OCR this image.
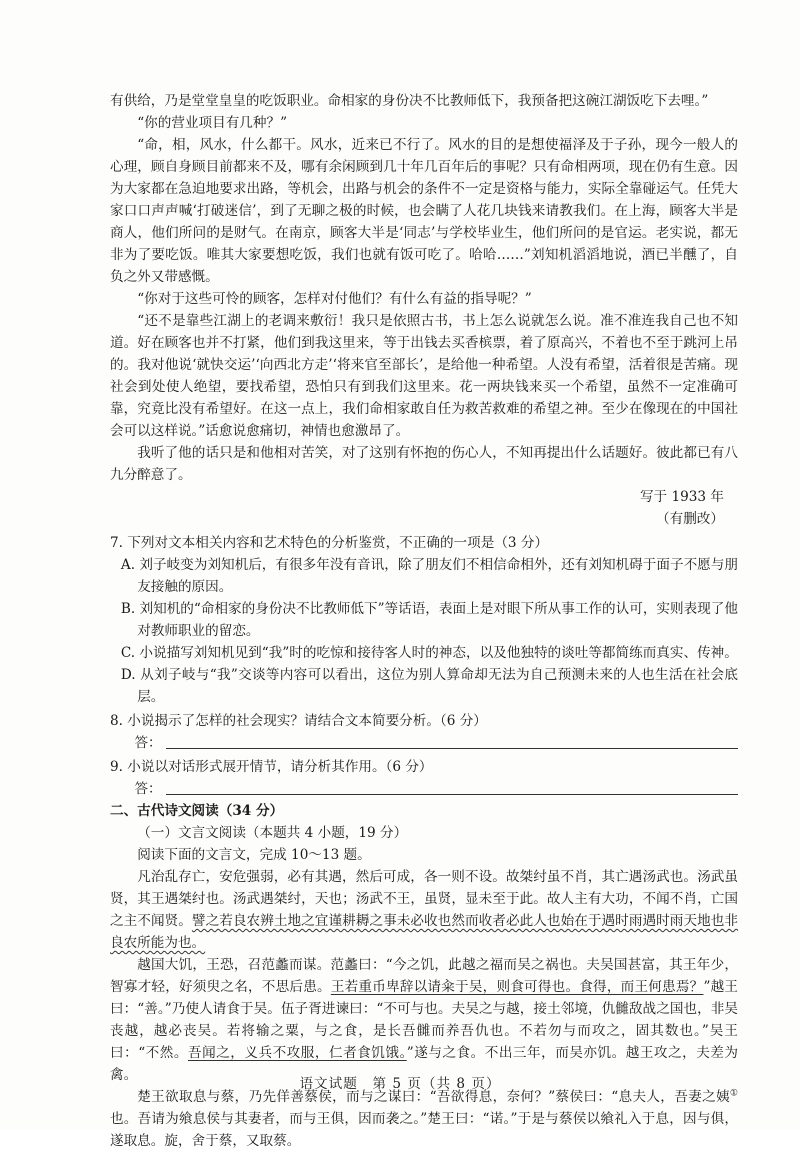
有供给，乃是堂堂皇皇的吃饭职业。命相家的身份决不比教师低下，我预备把这碗江湖饭吃下去哩。”

“你的营业项目有几种？”

“命，相，风水，什么都干。风水，近来已不行了。风水的目的是想使福泽及于子孙，现今一般人的心理，顾自身顾目前都来不及，哪有余闲顾到几十年几百年后的事呢？只有命相两项，现在仍有生意。因为大家都在急迫地要求出路，等机会，出路与机会的条件不一定是资格与能力，实际全靠碰运气。任凭大家口口声声喊‘打破迷信’，到了无聊之极的时候，也会瞒了人花几块钱来请教我们。在上海，顾客大半是商人，他们所问的是财气。在南京，顾客大半是‘同志’与学校毕业生，他们所问的是官运。老实说，都无非为了要吃饭。唯其大家要想吃饭，我们也就有饭可吃了。哈哈……”刘知机滔滔地说，酒已半醺了，自负之外又带感慨。

“你对于这些可怜的顾客，怎样对付他们？有什么有益的指导呢？”

“还不是靠些江湖上的老调来敷衍！我只是依照古书，书上怎么说就怎么说。准不准连我自己也不知道。好在顾客也并不打紧，他们到我这里来，等于出钱去买香槟票，着了原高兴，不着也不至于跳河上吊的。我对他说‘就快交运’‘向西北方走’‘将来官至部长’，是给他一种希望。人没有希望，活着很是苦痛。现社会到处使人绝望，要找希望，恐怕只有到我们这里来。花一两块钱来买一个希望，虽然不一定准确可靠，究竟比没有希望好。在这一点上，我们命相家敢自任为救苦救难的希望之神。至少在像现在的中国社会可以这样说。”话愈说愈痛切，神情也愈激昂了。

我听了他的话只是和他相对苦笑，对了这别有怀抱的伤心人，不知再提出什么话题好。彼此都已有八九分醉意了。

写于 1933 年

（有删改）

7. 下列对文本相关内容和艺术特色的分析鉴赏，不正确的一项是（3 分）

A. 刘子岐变为刘知机后，有很多年没有音讯，除了朋友们不相信命相外，还有刘知机碍于面子不愿与朋友接触的原因。

B. 刘知机的“命相家的身份决不比教师低下”等话语，表面上是对眼下所从事工作的认可，实则表现了他对教师职业的留恋。

C. 小说描写刘知机见到“我”时的吃惊和接待客人时的神态，以及他独特的谈吐等都简练而真实、传神。

D. 从刘子岐与“我”交谈等内容可以看出，这位为别人算命却无法为自己预测未来的人也生活在社会底层。

8. 小说揭示了怎样的社会现实？请结合文本简要分析。（6 分）

答：

9. 小说以对话形式展开情节，请分析其作用。（6 分）

答：

二、古代诗文阅读（34 分）

（一）文言文阅读（本题共 4 小题，19 分）

阅读下面的文言文，完成 10～13 题。

凡治乱存亡，安危强弱，必有其遇，然后可成，各一则不设。故桀纣虽不肖，其亡遇汤武也。汤武虽贤，其王遇桀纣也。汤武遇桀纣，天也；汤武不王，虽贤，显未至于此。故人主有大功，不闻不肖，亡国之主不闻贤。譬之若良农辨土地之宜谨耕耨之事未必收也然而收者必此人也始在于遇时雨遇时雨天地也非良农所能为也。

越国大饥，王恐，召范蠡而谋。范蠡曰：“今之饥，此越之福而吴之祸也。夫吴国甚富，其王年少，智寡才轻，好须臾之名，不思后患。王若重币卑辞以请籴于吴，则食可得也。食得，而王何患焉？”越王曰：“善。”乃使人请食于吴。伍子胥进谏曰：“不可与也。夫吴之与越，接土邻境，仇雠敌战之国也，非吴丧越，越必丧吴。若将输之粟，与之食，是长吾雠而养吾仇也。不若勿与而攻之，固其数也。”吴王曰：“不然。吾闻之，义兵不攻服，仁者食饥饿。”遂与之食。不出三年，而吴亦饥。越王攻之，夫差为禽。

楚王欲取息与蔡，乃先佯善蔡侯，而与之谋曰：“吾欲得息，奈何？”蔡侯曰：“息夫人，吾妻之姨①也。吾请为飨息侯与其妻者，而与王俱，因而袭之。”楚王曰：“诺。”于是与蔡侯以飨礼入于息，因与俱，遂取息。旋，舍于蔡，又取蔡。

语文试题　第 5 页（共 8 页）
